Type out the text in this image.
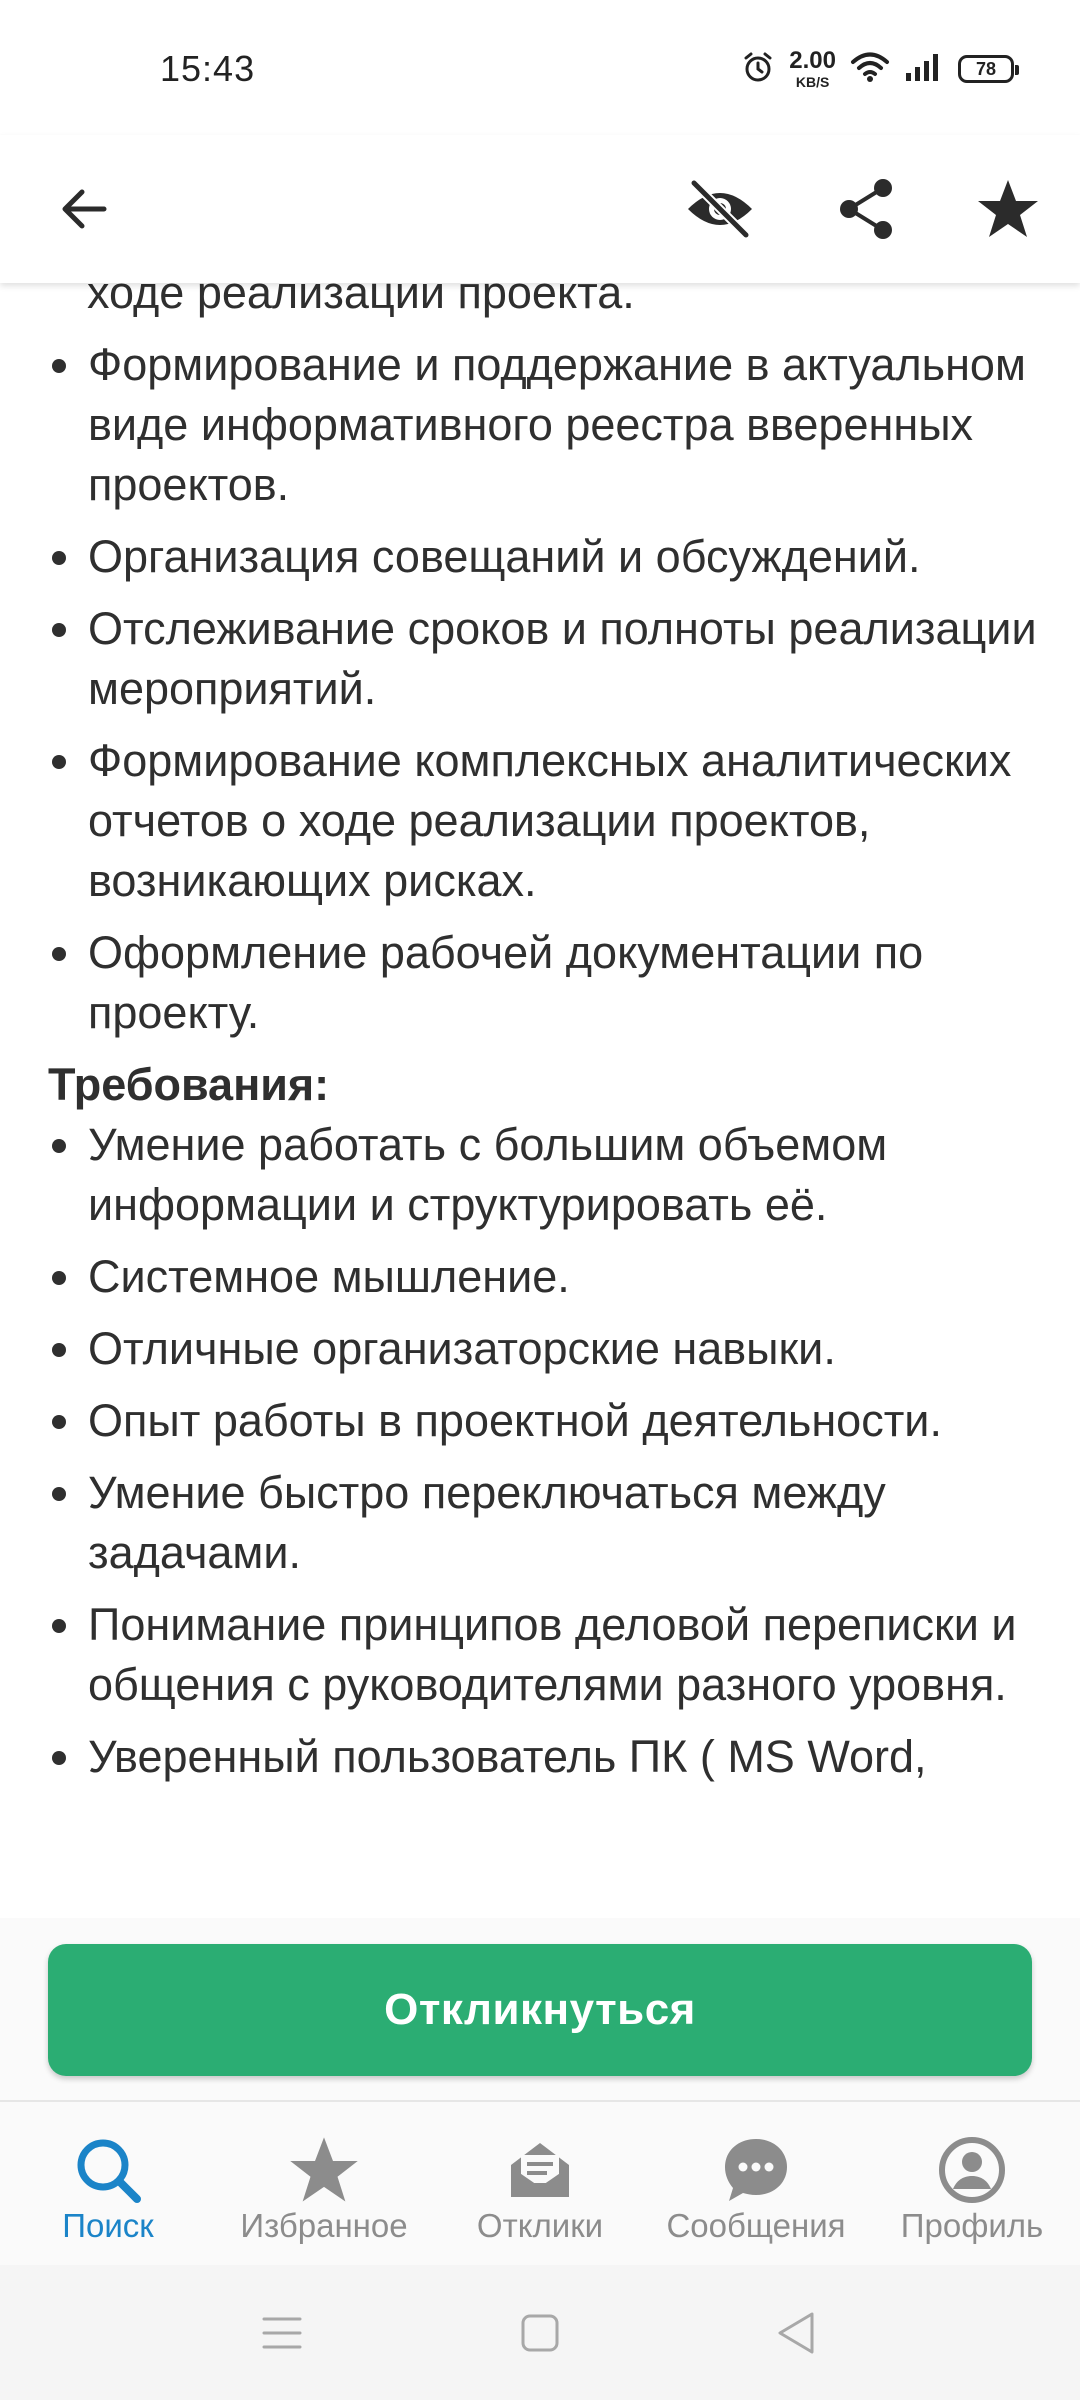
15:43	2.00
KB/S
78
ходе реализации проекта.
Формирование и поддержание в актуальном виде информативного реестра вверенных проектов.
Организация совещаний и обсуждений.
Отслеживание сроков и полноты реализации мероприятий.
Формирование комплексных аналитических отчетов о ходе реализации проектов, возникающих рисках.
Оформление рабочей документации по проекту.
Требования:
Умение работать с большим объемом информации и структурировать её.
Системное мышление.
Отличные организаторские навыки.
Опыт работы в проектной деятельности.
Умение быстро переключаться между задачами.
Понимание принципов деловой переписки и общения с руководителями разного уровня.
Уверенный пользователь ПК ( MS Word,
Откликнуться
Поиск	Избранное	Отклики	Сообщения	Профиль
